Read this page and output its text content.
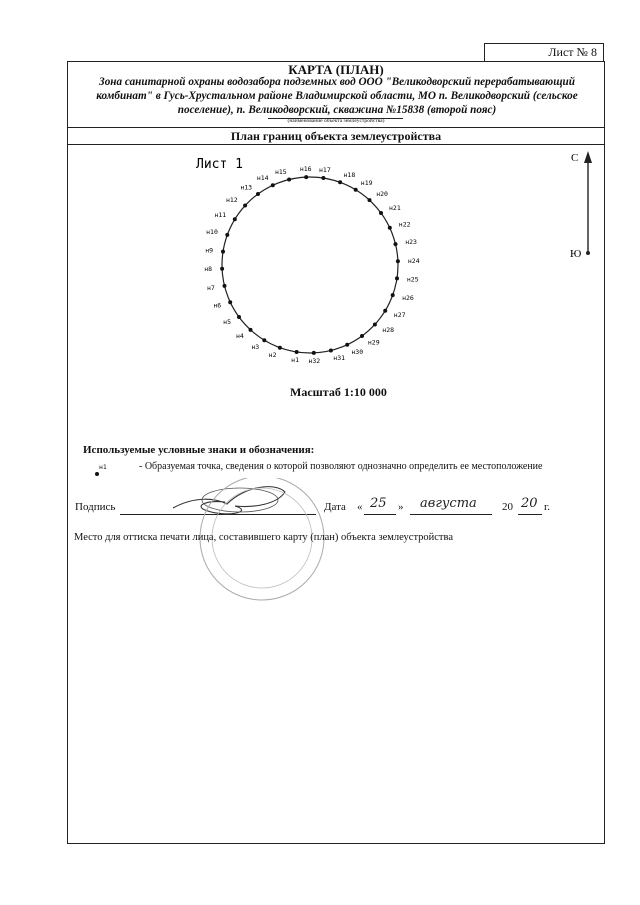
Лист № 8
КАРТА (ПЛАН)
Зона санитарной охраны водозабора подземных вод ООО "Великодворский перерабатывающий комбинат" в Гусь-Хрустальном районе Владимирской области, МО п. Великодворский (сельское поселение), п. Великодворский, скважина №15838 (второй пояс)
(наименование объекта землеустройства)
План границ объекта землеустройства
Лист 1	С
Ю
н2
н3
н4
н5
н6
н7
н8
н9
н10
н11
н12
н13
н14
н15 н16 н17
н18
н19
н20
н21
н22
н23
н24
н25
н26
н27
н28
н29
н30
н31
н32
н1
Масштаб 1:10 000
Используемые условные знаки и обозначения:
н1	- Образуемая точка, сведения о которой позволяют однозначно определить ее местоположение
Подпись	Дата « 25 » августа 20 20 г.
Место для оттиска печати лица, составившего карту (план) объекта землеустройства
